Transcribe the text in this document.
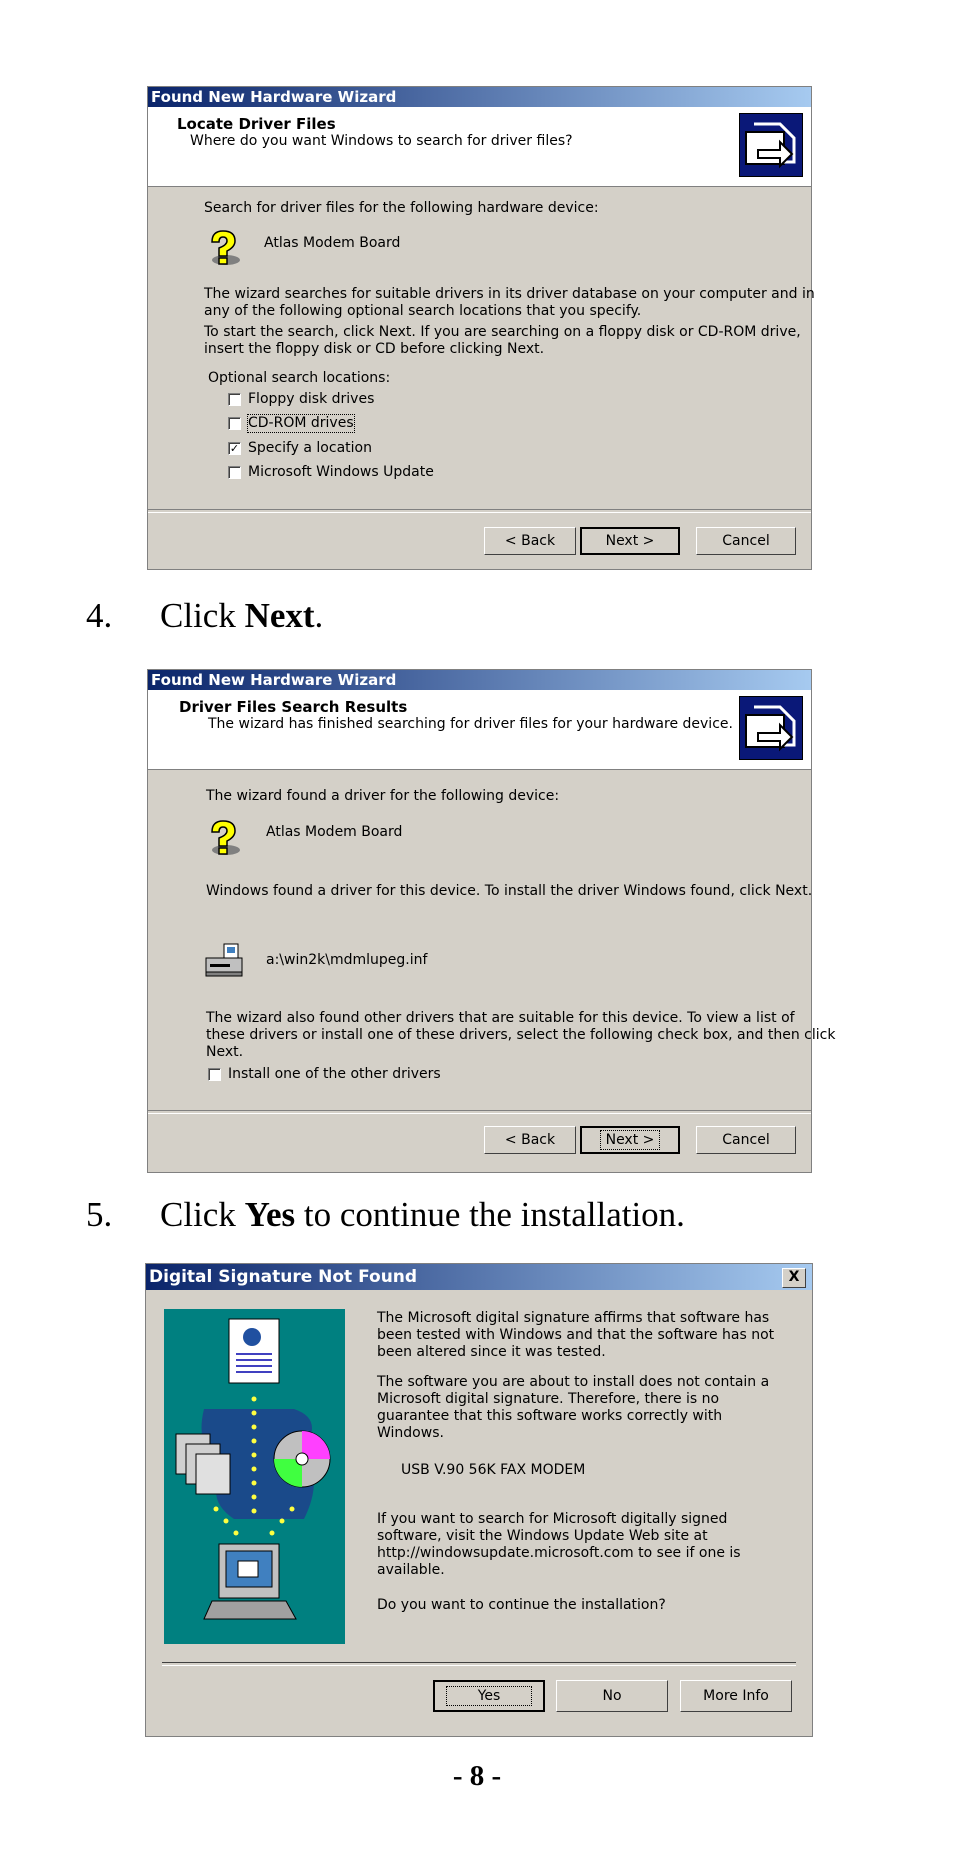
Found New Hardware Wizard
Locate Driver Files
Where do you want Windows to search for driver files?
Search for driver files for the following hardware device:
Atlas Modem Board
The wizard searches for suitable drivers in its driver database on your computer and in
any of the following optional search locations that you specify.
To start the search, click Next. If you are searching on a floppy disk or CD-ROM drive,
insert the floppy disk or CD before clicking Next.
Optional search locations:
Floppy disk drives
CD-ROM drives
✓ Specify a location
Microsoft Windows Update
< Back	Next >	Cancel
4. Click Next.
Found New Hardware Wizard
Driver Files Search Results
The wizard has finished searching for driver files for your hardware device.
The wizard found a driver for the following device:
Atlas Modem Board
Windows found a driver for this device. To install the driver Windows found, click Next.
a:\win2k\mdmlupeg.inf
The wizard also found other drivers that are suitable for this device. To view a list of
these drivers or install one of these drivers, select the following check box, and then click
Next.
Install one of the other drivers
< Back	Next >	Cancel
5. Click Yes to continue the installation.
Digital Signature Not Found	X
The Microsoft digital signature affirms that software has
been tested with Windows and that the software has not
been altered since it was tested.
The software you are about to install does not contain a
Microsoft digital signature. Therefore, there is no
guarantee that this software works correctly with
Windows.
USB V.90 56K FAX MODEM
If you want to search for Microsoft digitally signed
software, visit the Windows Update Web site at
http://windowsupdate.microsoft.com to see if one is
available.
Do you want to continue the installation?
Yes	No	More Info
- 8 -
